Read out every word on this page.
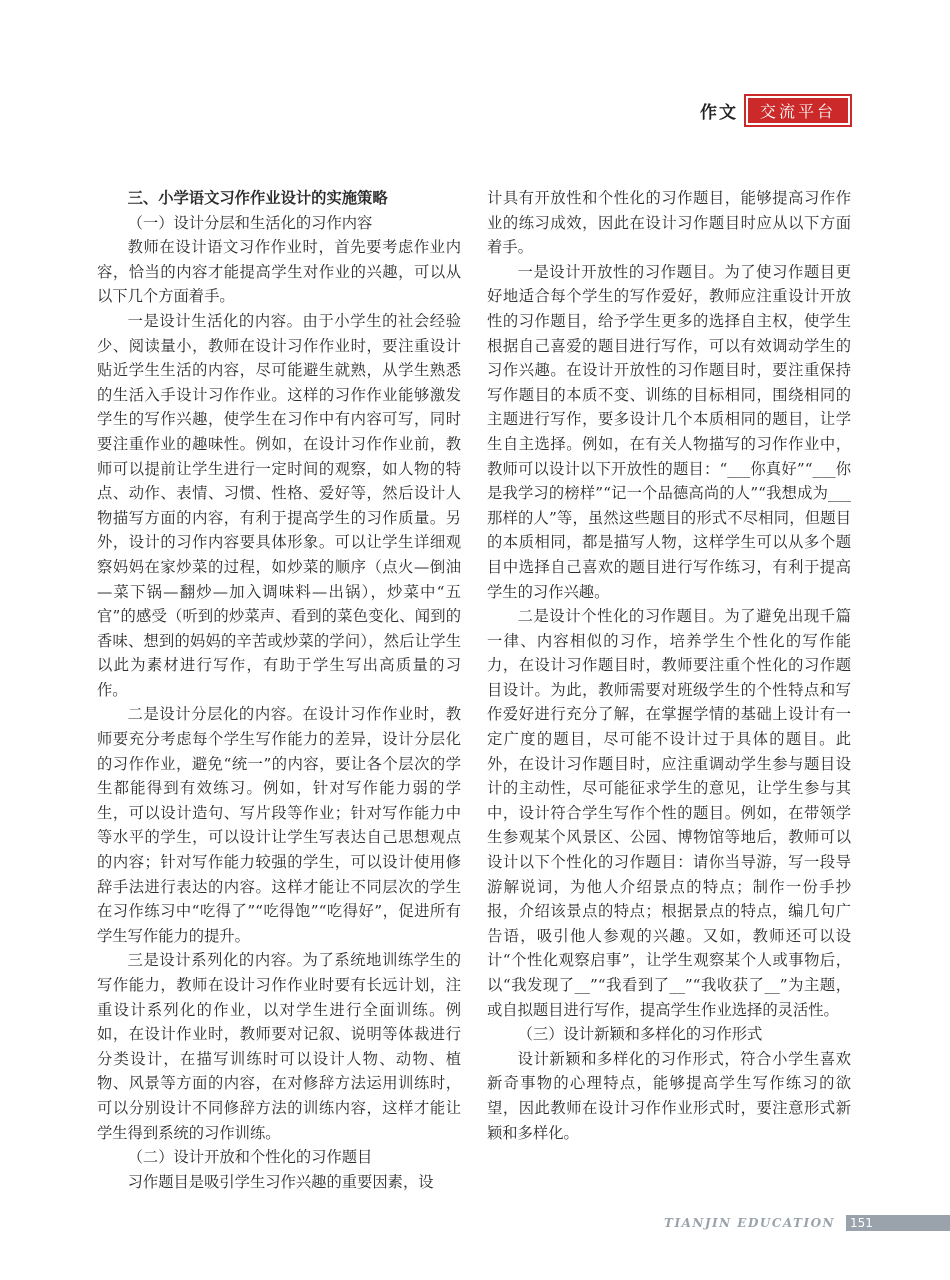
作文	交流平台

三、小学语文习作作业设计的实施策略

（一）设计分层和生活化的习作内容

教师在设计语文习作作业时，首先要考虑作业内容，恰当的内容才能提高学生对作业的兴趣，可以从以下几个方面着手。

一是设计生活化的内容。由于小学生的社会经验少、阅读量小，教师在设计习作作业时，要注重设计贴近学生生活的内容，尽可能避生就熟，从学生熟悉的生活入手设计习作作业。这样的习作作业能够激发学生的写作兴趣，使学生在习作中有内容可写，同时要注重作业的趣味性。例如，在设计习作作业前，教师可以提前让学生进行一定时间的观察，如人物的特点、动作、表情、习惯、性格、爱好等，然后设计人物描写方面的内容，有利于提高学生的习作质量。另外，设计的习作内容要具体形象。可以让学生详细观察妈妈在家炒菜的过程，如炒菜的顺序（点火—倒油—菜下锅—翻炒—加入调味料—出锅），炒菜中“五官”的感受（听到的炒菜声、看到的菜色变化、闻到的香味、想到的妈妈的辛苦或炒菜的学问），然后让学生以此为素材进行写作，有助于学生写出高质量的习作。

二是设计分层化的内容。在设计习作作业时，教师要充分考虑每个学生写作能力的差异，设计分层化的习作作业，避免“统一”的内容，要让各个层次的学生都能得到有效练习。例如，针对写作能力弱的学生，可以设计造句、写片段等作业；针对写作能力中等水平的学生，可以设计让学生写表达自己思想观点的内容；针对写作能力较强的学生，可以设计使用修辞手法进行表达的内容。这样才能让不同层次的学生在习作练习中“吃得了”“吃得饱”“吃得好”，促进所有学生写作能力的提升。

三是设计系列化的内容。为了系统地训练学生的写作能力，教师在设计习作作业时要有长远计划，注重设计系列化的作业，以对学生进行全面训练。例如，在设计作业时，教师要对记叙、说明等体裁进行分类设计，在描写训练时可以设计人物、动物、植物、风景等方面的内容，在对修辞方法运用训练时，可以分别设计不同修辞方法的训练内容，这样才能让学生得到系统的习作训练。

（二）设计开放和个性化的习作题目

习作题目是吸引学生习作兴趣的重要因素，设

计具有开放性和个性化的习作题目，能够提高习作作业的练习成效，因此在设计习作题目时应从以下方面着手。

一是设计开放性的习作题目。为了使习作题目更好地适合每个学生的写作爱好，教师应注重设计开放性的习作题目，给予学生更多的选择自主权，使学生根据自己喜爱的题目进行写作，可以有效调动学生的习作兴趣。在设计开放性的习作题目时，要注重保持写作题目的本质不变、训练的目标相同，围绕相同的主题进行写作，要多设计几个本质相同的题目，让学生自主选择。例如，在有关人物描写的习作作业中，教师可以设计以下开放性的题目：“___你真好”“___你是我学习的榜样”“记一个品德高尚的人”“我想成为___那样的人”等，虽然这些题目的形式不尽相同，但题目的本质相同，都是描写人物，这样学生可以从多个题目中选择自己喜欢的题目进行写作练习，有利于提高学生的习作兴趣。

二是设计个性化的习作题目。为了避免出现千篇一律、内容相似的习作，培养学生个性化的写作能力，在设计习作题目时，教师要注重个性化的习作题目设计。为此，教师需要对班级学生的个性特点和写作爱好进行充分了解，在掌握学情的基础上设计有一定广度的题目，尽可能不设计过于具体的题目。此外，在设计习作题目时，应注重调动学生参与题目设计的主动性，尽可能征求学生的意见，让学生参与其中，设计符合学生写作个性的题目。例如，在带领学生参观某个风景区、公园、博物馆等地后，教师可以设计以下个性化的习作题目：请你当导游，写一段导游解说词，为他人介绍景点的特点；制作一份手抄报，介绍该景点的特点；根据景点的特点，编几句广告语，吸引他人参观的兴趣。又如，教师还可以设计“个性化观察启事”，让学生观察某个人或事物后，以“我发现了__”“我看到了__”“我收获了__”为主题，或自拟题目进行写作，提高学生作业选择的灵活性。

（三）设计新颖和多样化的习作形式

设计新颖和多样化的习作形式，符合小学生喜欢新奇事物的心理特点，能够提高学生写作练习的欲望，因此教师在设计习作作业形式时，要注意形式新颖和多样化。

TIANJIN EDUCATION 151
